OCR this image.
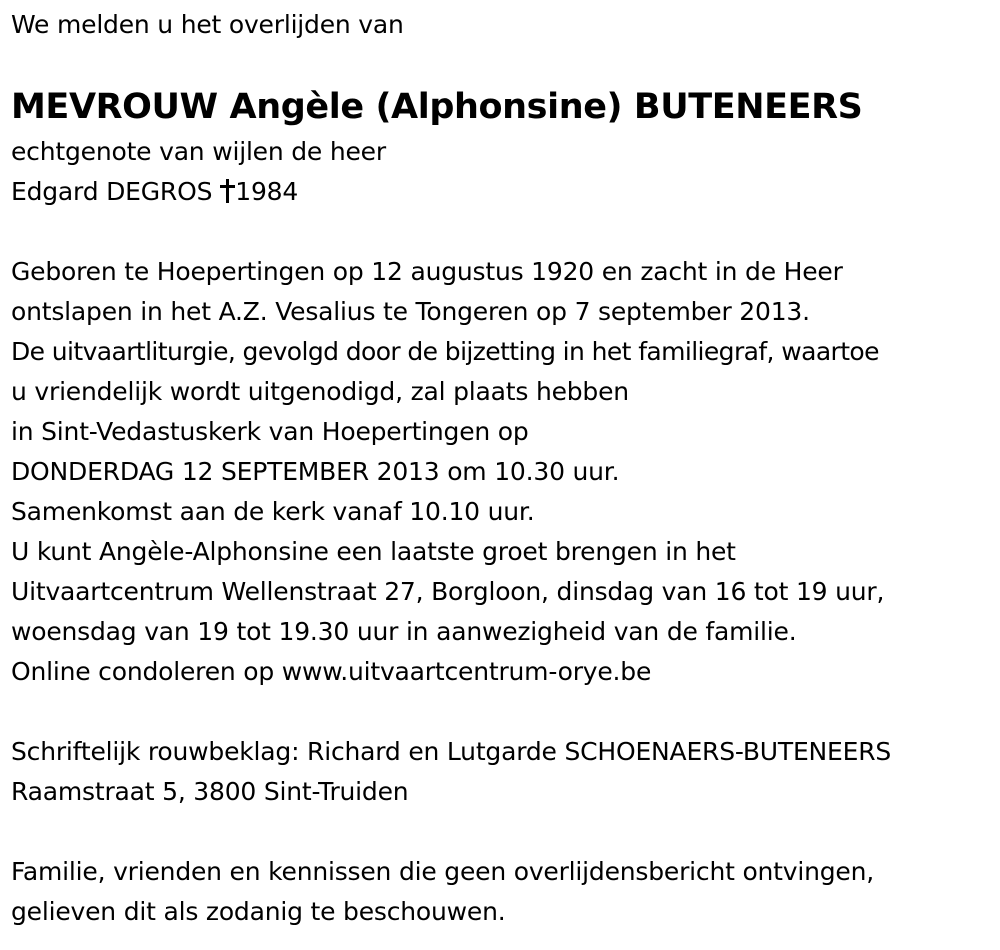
We melden u het overlijden van
MEVROUW Angèle (Alphonsine) BUTENEERS
echtgenote van wijlen de heer
Edgard DEGROS 1984
Geboren te Hoepertingen op 12 augustus 1920 en zacht in de Heer
ontslapen in het A.Z. Vesalius te Tongeren op 7 september 2013.
De uitvaartliturgie, gevolgd door de bijzetting in het familiegraf, waartoe
u vriendelijk wordt uitgenodigd, zal plaats hebben
in Sint-Vedastuskerk van Hoepertingen op
DONDERDAG 12 SEPTEMBER 2013 om 10.30 uur.
Samenkomst aan de kerk vanaf 10.10 uur.
U kunt Angèle-Alphonsine een laatste groet brengen in het
Uitvaartcentrum Wellenstraat 27, Borgloon, dinsdag van 16 tot 19 uur,
woensdag van 19 tot 19.30 uur in aanwezigheid van de familie.
Online condoleren op www.uitvaartcentrum-orye.be
Schriftelijk rouwbeklag: Richard en Lutgarde SCHOENAERS-BUTENEERS
Raamstraat 5, 3800 Sint-Truiden
Familie, vrienden en kennissen die geen overlijdensbericht ontvingen,
gelieven dit als zodanig te beschouwen.
